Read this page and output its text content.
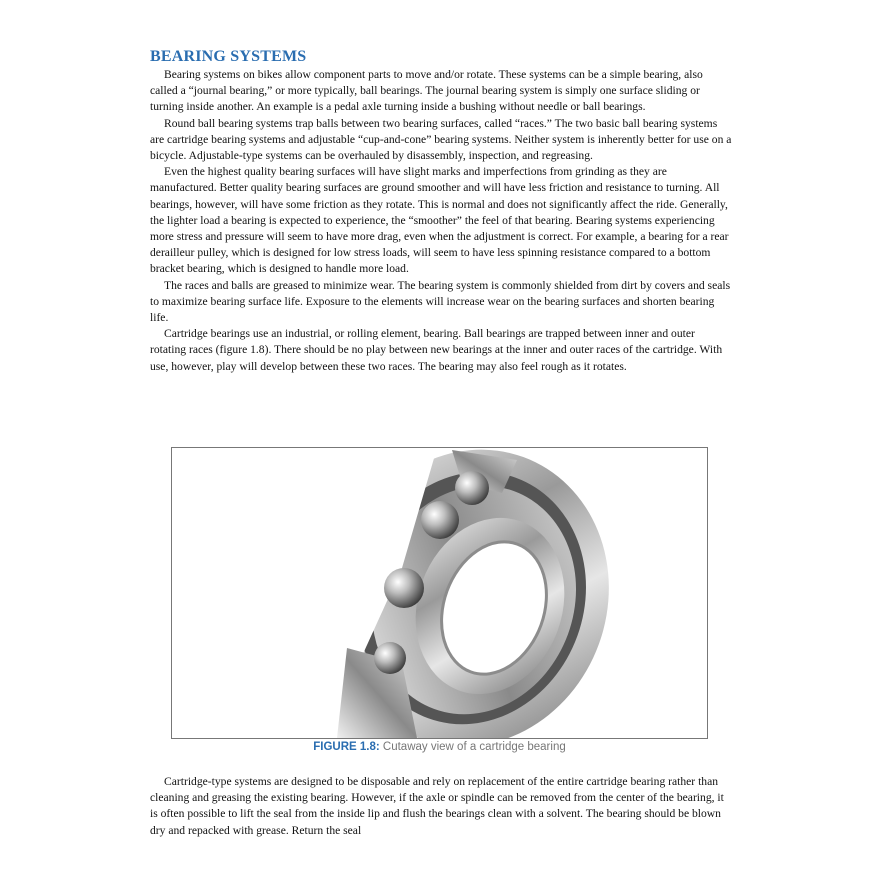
BEARING SYSTEMS

Bearing systems on bikes allow component parts to move and/or rotate. These systems can be a simple bearing, also called a “journal bearing,” or more typically, ball bearings. The journal bearing system is simply one surface sliding or turning inside another. An example is a pedal axle turning inside a bushing without needle or ball bearings.

Round ball bearing systems trap balls between two bearing surfaces, called “races.” The two basic ball bearing systems are cartridge bearing systems and adjustable “cup-and-cone” bearing systems. Neither system is inherently better for use on a bicycle. Adjustable-type systems can be overhauled by disassembly, inspection, and regreasing.

Even the highest quality bearing surfaces will have slight marks and imperfections from grinding as they are manufactured. Better quality bearing surfaces are ground smoother and will have less friction and resistance to turning. All bearings, however, will have some friction as they rotate. This is normal and does not significantly affect the ride. Generally, the lighter load a bearing is expected to experience, the “smoother” the feel of that bearing. Bearing systems experiencing more stress and pressure will seem to have more drag, even when the adjustment is correct. For example, a bearing for a rear derailleur pulley, which is designed for low stress loads, will seem to have less spinning resistance compared to a bottom bracket bearing, which is designed to handle more load.

The races and balls are greased to minimize wear. The bearing system is commonly shielded from dirt by covers and seals to maximize bearing surface life. Exposure to the elements will increase wear on the bearing surfaces and shorten bearing life.

Cartridge bearings use an industrial, or rolling element, bearing. Ball bearings are trapped between inner and outer rotating races (figure 1.8). There should be no play between new bearings at the inner and outer races of the cartridge. With use, however, play will develop between these two races. The bearing may also feel rough as it rotates.

FIGURE 1.8: Cutaway view of a cartridge bearing

Cartridge-type systems are designed to be disposable and rely on replacement of the entire cartridge bearing rather than cleaning and greasing the existing bearing. However, if the axle or spindle can be removed from the center of the bearing, it is often possible to lift the seal from the inside lip and flush the bearings clean with a solvent. The bearing should be blown dry and repacked with grease. Return the seal
